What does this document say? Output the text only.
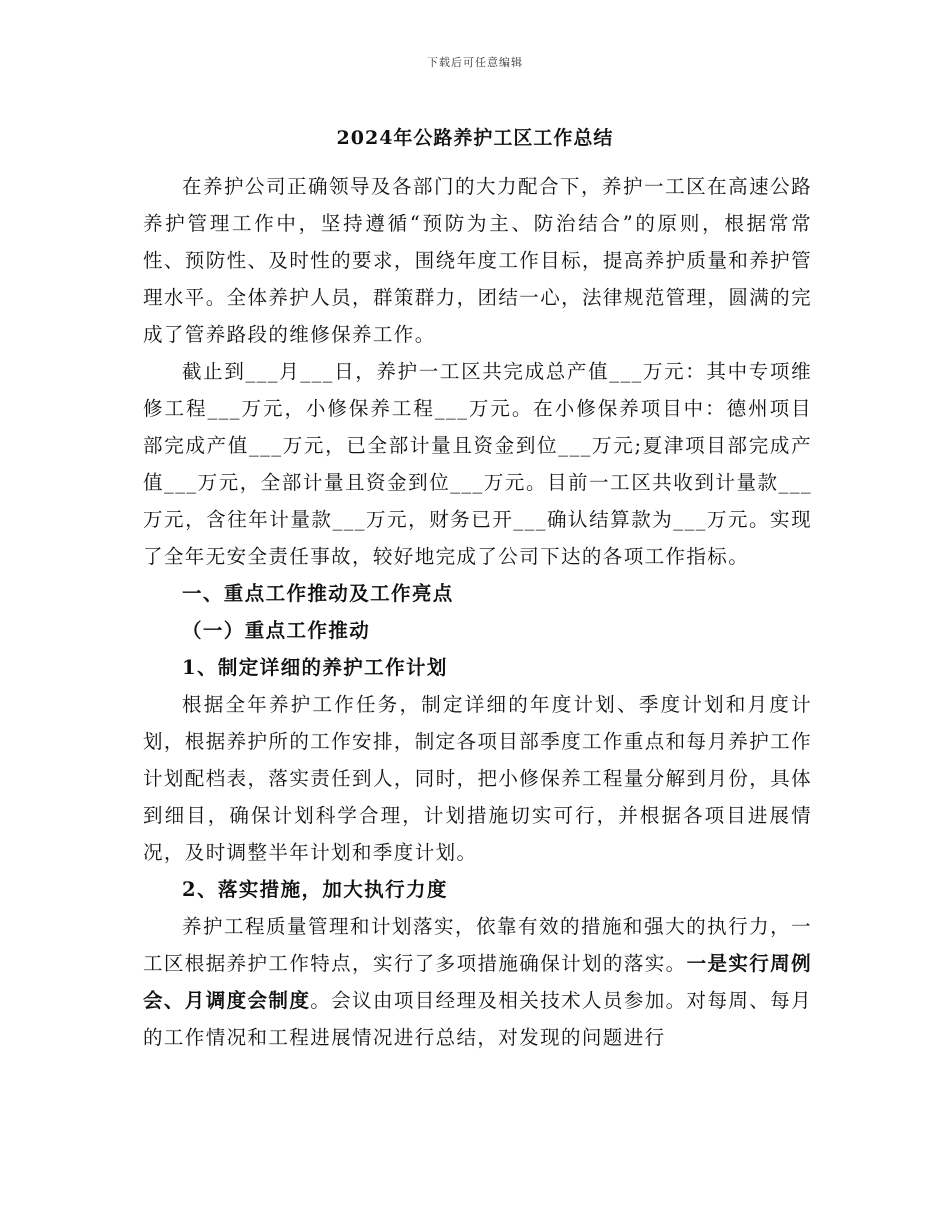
下载后可任意编辑
2024年公路养护工区工作总结

在养护公司正确领导及各部门的大力配合下，养护一工区在高速公路养护管理工作中，坚持遵循“预防为主、防治结合”的原则，根据常常性、预防性、及时性的要求，围绕年度工作目标，提高养护质量和养护管理水平。全体养护人员，群策群力，团结一心，法律规范管理，圆满的完成了管养路段的维修保养工作。

截止到___月___日，养护一工区共完成总产值___万元：其中专项维修工程___万元，小修保养工程___万元。在小修保养项目中：德州项目部完成产值___万元，已全部计量且资金到位___万元;夏津项目部完成产值___万元，全部计量且资金到位___万元。目前一工区共收到计量款___万元，含往年计量款___万元，财务已开___确认结算款为___万元。实现了全年无安全责任事故，较好地完成了公司下达的各项工作指标。

一、重点工作推动及工作亮点

（一）重点工作推动

1、制定详细的养护工作计划

根据全年养护工作任务，制定详细的年度计划、季度计划和月度计划，根据养护所的工作安排，制定各项目部季度工作重点和每月养护工作计划配档表，落实责任到人，同时，把小修保养工程量分解到月份，具体到细目，确保计划科学合理，计划措施切实可行，并根据各项目进展情况，及时调整半年计划和季度计划。

2、落实措施，加大执行力度

养护工程质量管理和计划落实，依靠有效的措施和强大的执行力，一工区根据养护工作特点，实行了多项措施确保计划的落实。一是实行周例会、月调度会制度。会议由项目经理及相关技术人员参加。对每周、每月的工作情况和工程进展情况进行总结，对发现的问题进行
